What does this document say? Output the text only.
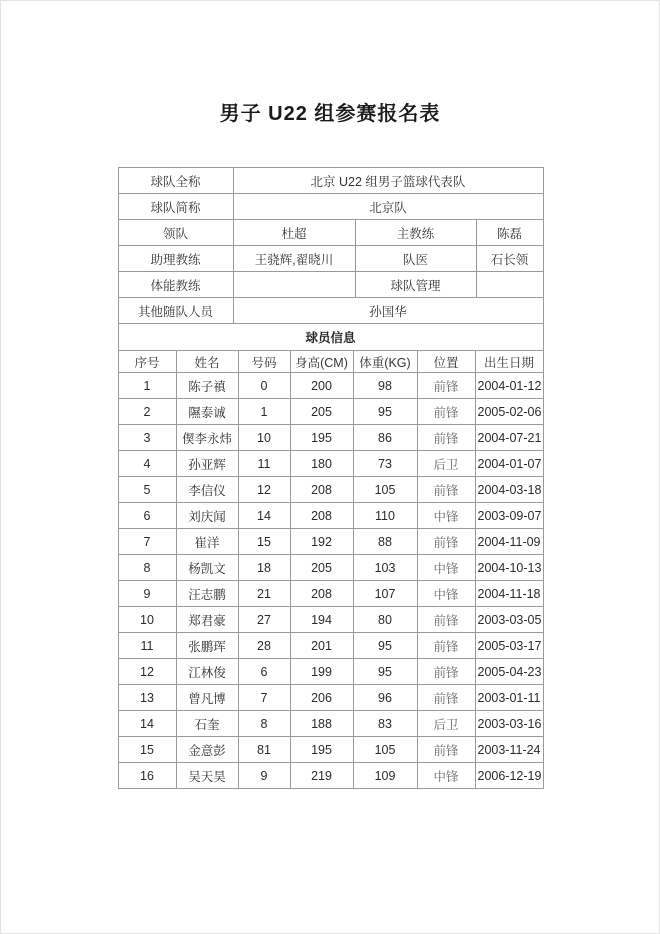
男子 U22 组参赛报名表
球队全称	北京 U22 组男子篮球代表队		
球队简称	北京队		
领队	杜超	主教练	陈磊
助理教练	王骁辉,翟晓川	队医	石长领
体能教练		球队管理	
其他随队人员	孙国华		
球员信息			
序号	姓名	号码	身高(CM)	体重(KG)	位置	出生日期
1	陈子禛	0	200	98	前锋	2004-01-12
2	隰泰诚	1	205	95	前锋	2005-02-06
3	偰李永炜	10	195	86	前锋	2004-07-21
4	孙亚辉	11	180	73	后卫	2004-01-07
5	李信仪	12	208	105	前锋	2004-03-18
6	刘庆闻	14	208	110	中锋	2003-09-07
7	崔洋	15	192	88	前锋	2004-11-09
8	杨凯文	18	205	103	中锋	2004-10-13
9	汪志鹏	21	208	107	中锋	2004-11-18
10	郑君豪	27	194	80	前锋	2003-03-05
11	张鹏珲	28	201	95	前锋	2005-03-17
12	江林俊	6	199	95	前锋	2005-04-23
13	曾凡博	7	206	96	前锋	2003-01-11
14	石奎	8	188	83	后卫	2003-03-16
15	金意彭	81	195	105	前锋	2003-11-24
16	吴天昊	9	219	109	中锋	2006-12-19
